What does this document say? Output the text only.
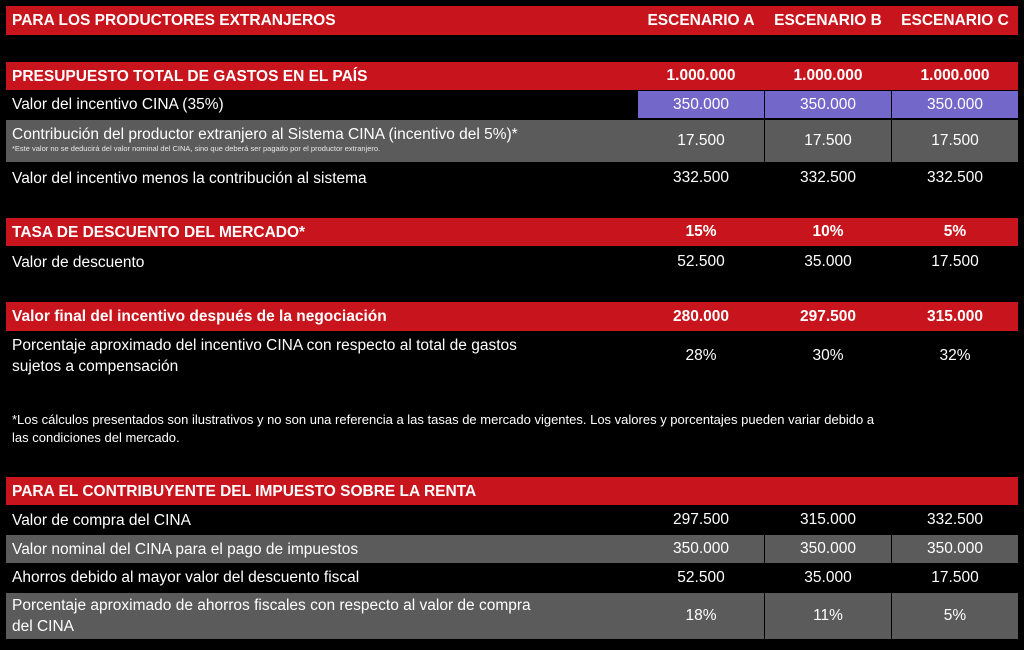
PARA LOS PRODUCTORES EXTRANJEROS	ESCENARIO A	ESCENARIO B	ESCENARIO C
PRESUPUESTO TOTAL DE GASTOS EN EL PAÍS	1.000.000	1.000.000	1.000.000
Valor del incentivo CINA (35%)	350.000	350.000	350.000
Contribución del productor extranjero al Sistema CINA (incentivo del 5%)*
*Este valor no se deducirá del valor nominal del CINA, sino que deberá ser pagado por el productor extranjero.	17.500	17.500	17.500
Valor del incentivo menos la contribución al sistema	332.500	332.500	332.500
TASA DE DESCUENTO DEL MERCADO*	15%	10%	5%
Valor de descuento	52.500	35.000	17.500
Valor final del incentivo después de la negociación	280.000	297.500	315.000
Porcentaje aproximado del incentivo CINA con respecto al total de gastos
sujetos a compensación
28%	30%	32%
*Los cálculos presentados son ilustrativos y no son una referencia a las tasas de mercado vigentes. Los valores y porcentajes pueden variar debido a
las condiciones del mercado.
PARA EL CONTRIBUYENTE DEL IMPUESTO SOBRE LA RENTA
Valor de compra del CINA	297.500	315.000	332.500
Valor nominal del CINA para el pago de impuestos	350.000	350.000	350.000
Ahorros debido al mayor valor del descuento fiscal	52.500	35.000	17.500
Porcentaje aproximado de ahorros fiscales con respecto al valor de compra
del CINA
18%	11%	5%
